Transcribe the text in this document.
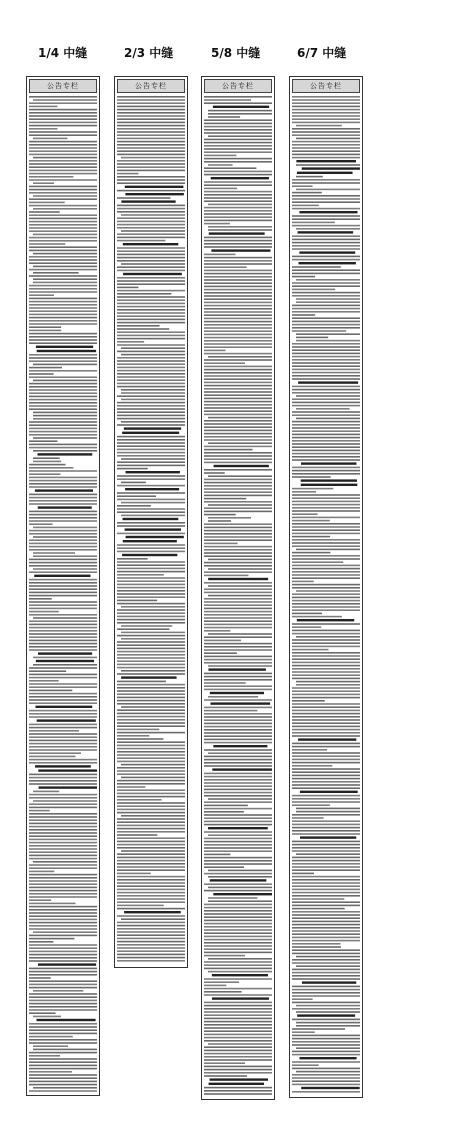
1/4 中缝	2/3 中缝	5/8 中缝	6/7 中缝
公告专栏	公告专栏	公告专栏	公告专栏
